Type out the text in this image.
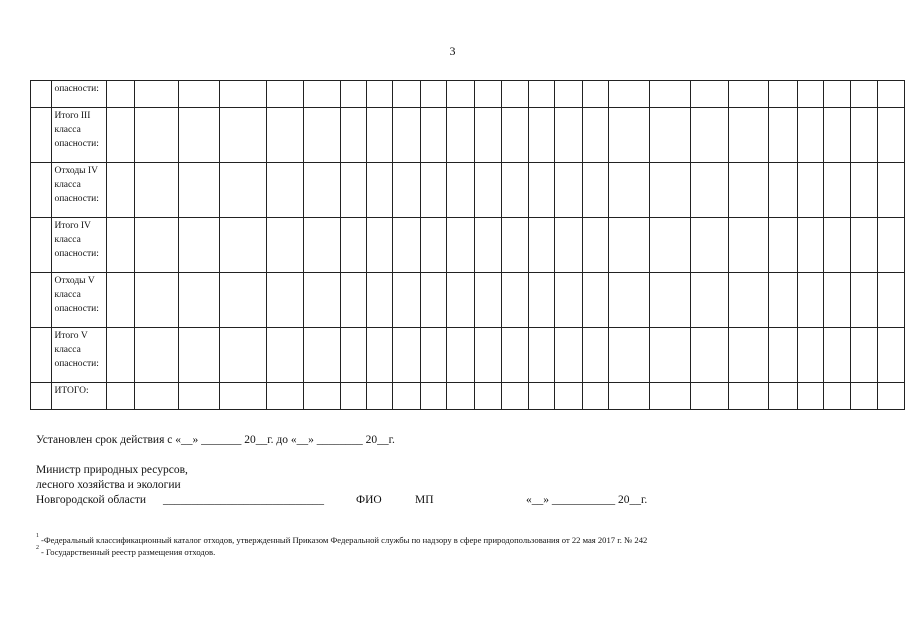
3
	опасности:																									
	Итого III
класса
опасности:																									
	Отходы IV
класса
опасности:																									
	Итого IV
класса
опасности:																									
	Отходы V
класса
опасности:																									
	Итого V
класса
опасности:																									
	ИТОГО:																									
Установлен срок действия с «__» _______ 20__г. до «__» ________ 20__г.
Министр природных ресурсов,
лесного хозяйства и экологии
Новгородской области ____________________________	ФИО	МП	«__» ___________ 20__г.
$^1$ -Федеральный классификационный каталог отходов, утвержденный Приказом Федеральной службы по надзору в сфере природопользования от 22 мая 2017 г. № 242
$^2$ - Государственный реестр размещения отходов.
